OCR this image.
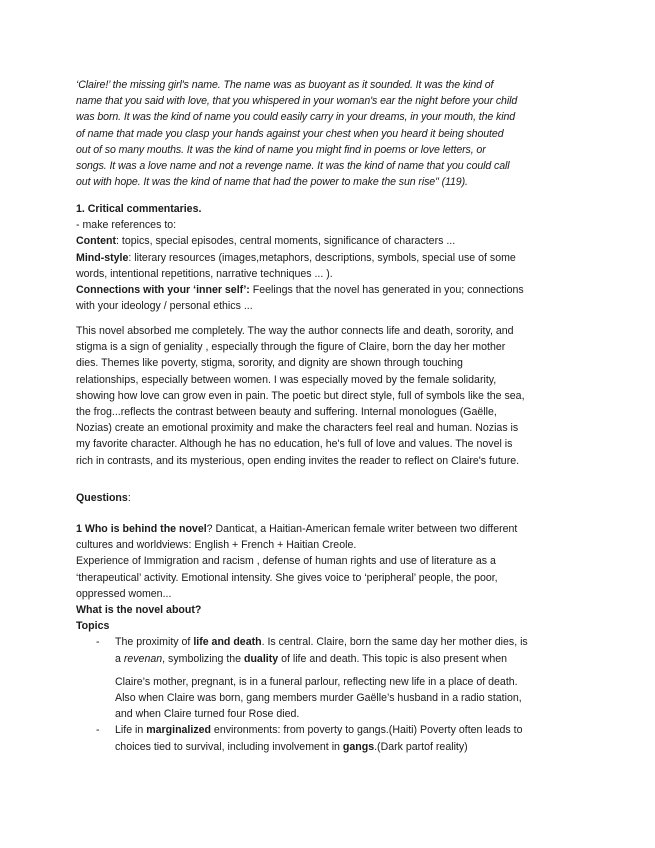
‘Claire!’ the missing girl's name. The name was as buoyant as it sounded. It was the kind of
name that you said with love, that you whispered in your woman's ear the night before your child
was born. It was the kind of name you could easily carry in your dreams, in your mouth, the kind
of name that made you clasp your hands against your chest when you heard it being shouted
out of so many mouths. It was the kind of name you might find in poems or love letters, or
songs. It was a love name and not a revenge name. It was the kind of name that you could call
out with hope. It was the kind of name that had the power to make the sun rise" (119).
1. Critical commentaries.
- make references to:
Content: topics, special episodes, central moments, significance of characters ...
Mind-style: literary resources (images,metaphors, descriptions, symbols, special use of some
words, intentional repetitions, narrative techniques ... ).
Connections with your ‘inner self’: Feelings that the novel has generated in you; connections
with your ideology / personal ethics ...
This novel absorbed me completely. The way the author connects life and death, sorority, and
stigma is a sign of geniality , especially through the figure of Claire, born the day her mother
dies. Themes like poverty, stigma, sorority, and dignity are shown through touching
relationships, especially between women. I was especially moved by the female solidarity,
showing how love can grow even in pain. The poetic but direct style, full of symbols like the sea,
the frog...reflects the contrast between beauty and suffering. Internal monologues (Gaëlle,
Nozias) create an emotional proximity and make the characters feel real and human. Nozias is
my favorite character. Although he has no education, he's full of love and values. The novel is
rich in contrasts, and its mysterious, open ending invites the reader to reflect on Claire's future.
Questions:
1 Who is behind the novel? Danticat, a Haitian-American female writer between two different
cultures and worldviews: English + French + Haitian Creole.
Experience of Immigration and racism , defense of human rights and use of literature as a
‘therapeutical’ activity. Emotional intensity. She gives voice to ‘peripheral’ people, the poor,
oppressed women...
What is the novel about?
Topics
- The proximity of life and death. Is central. Claire, born the same day her mother dies, is
a revenan, symbolizing the duality of life and death. This topic is also present when
Claire’s mother, pregnant, is in a funeral parlour, reflecting new life in a place of death.
Also when Claire was born, gang members murder Gaëlle’s husband in a radio station,
and when Claire turned four Rose died.
- Life in marginalized environments: from poverty to gangs.(Haiti) Poverty often leads to
choices tied to survival, including involvement in gangs.(Dark partof reality)
